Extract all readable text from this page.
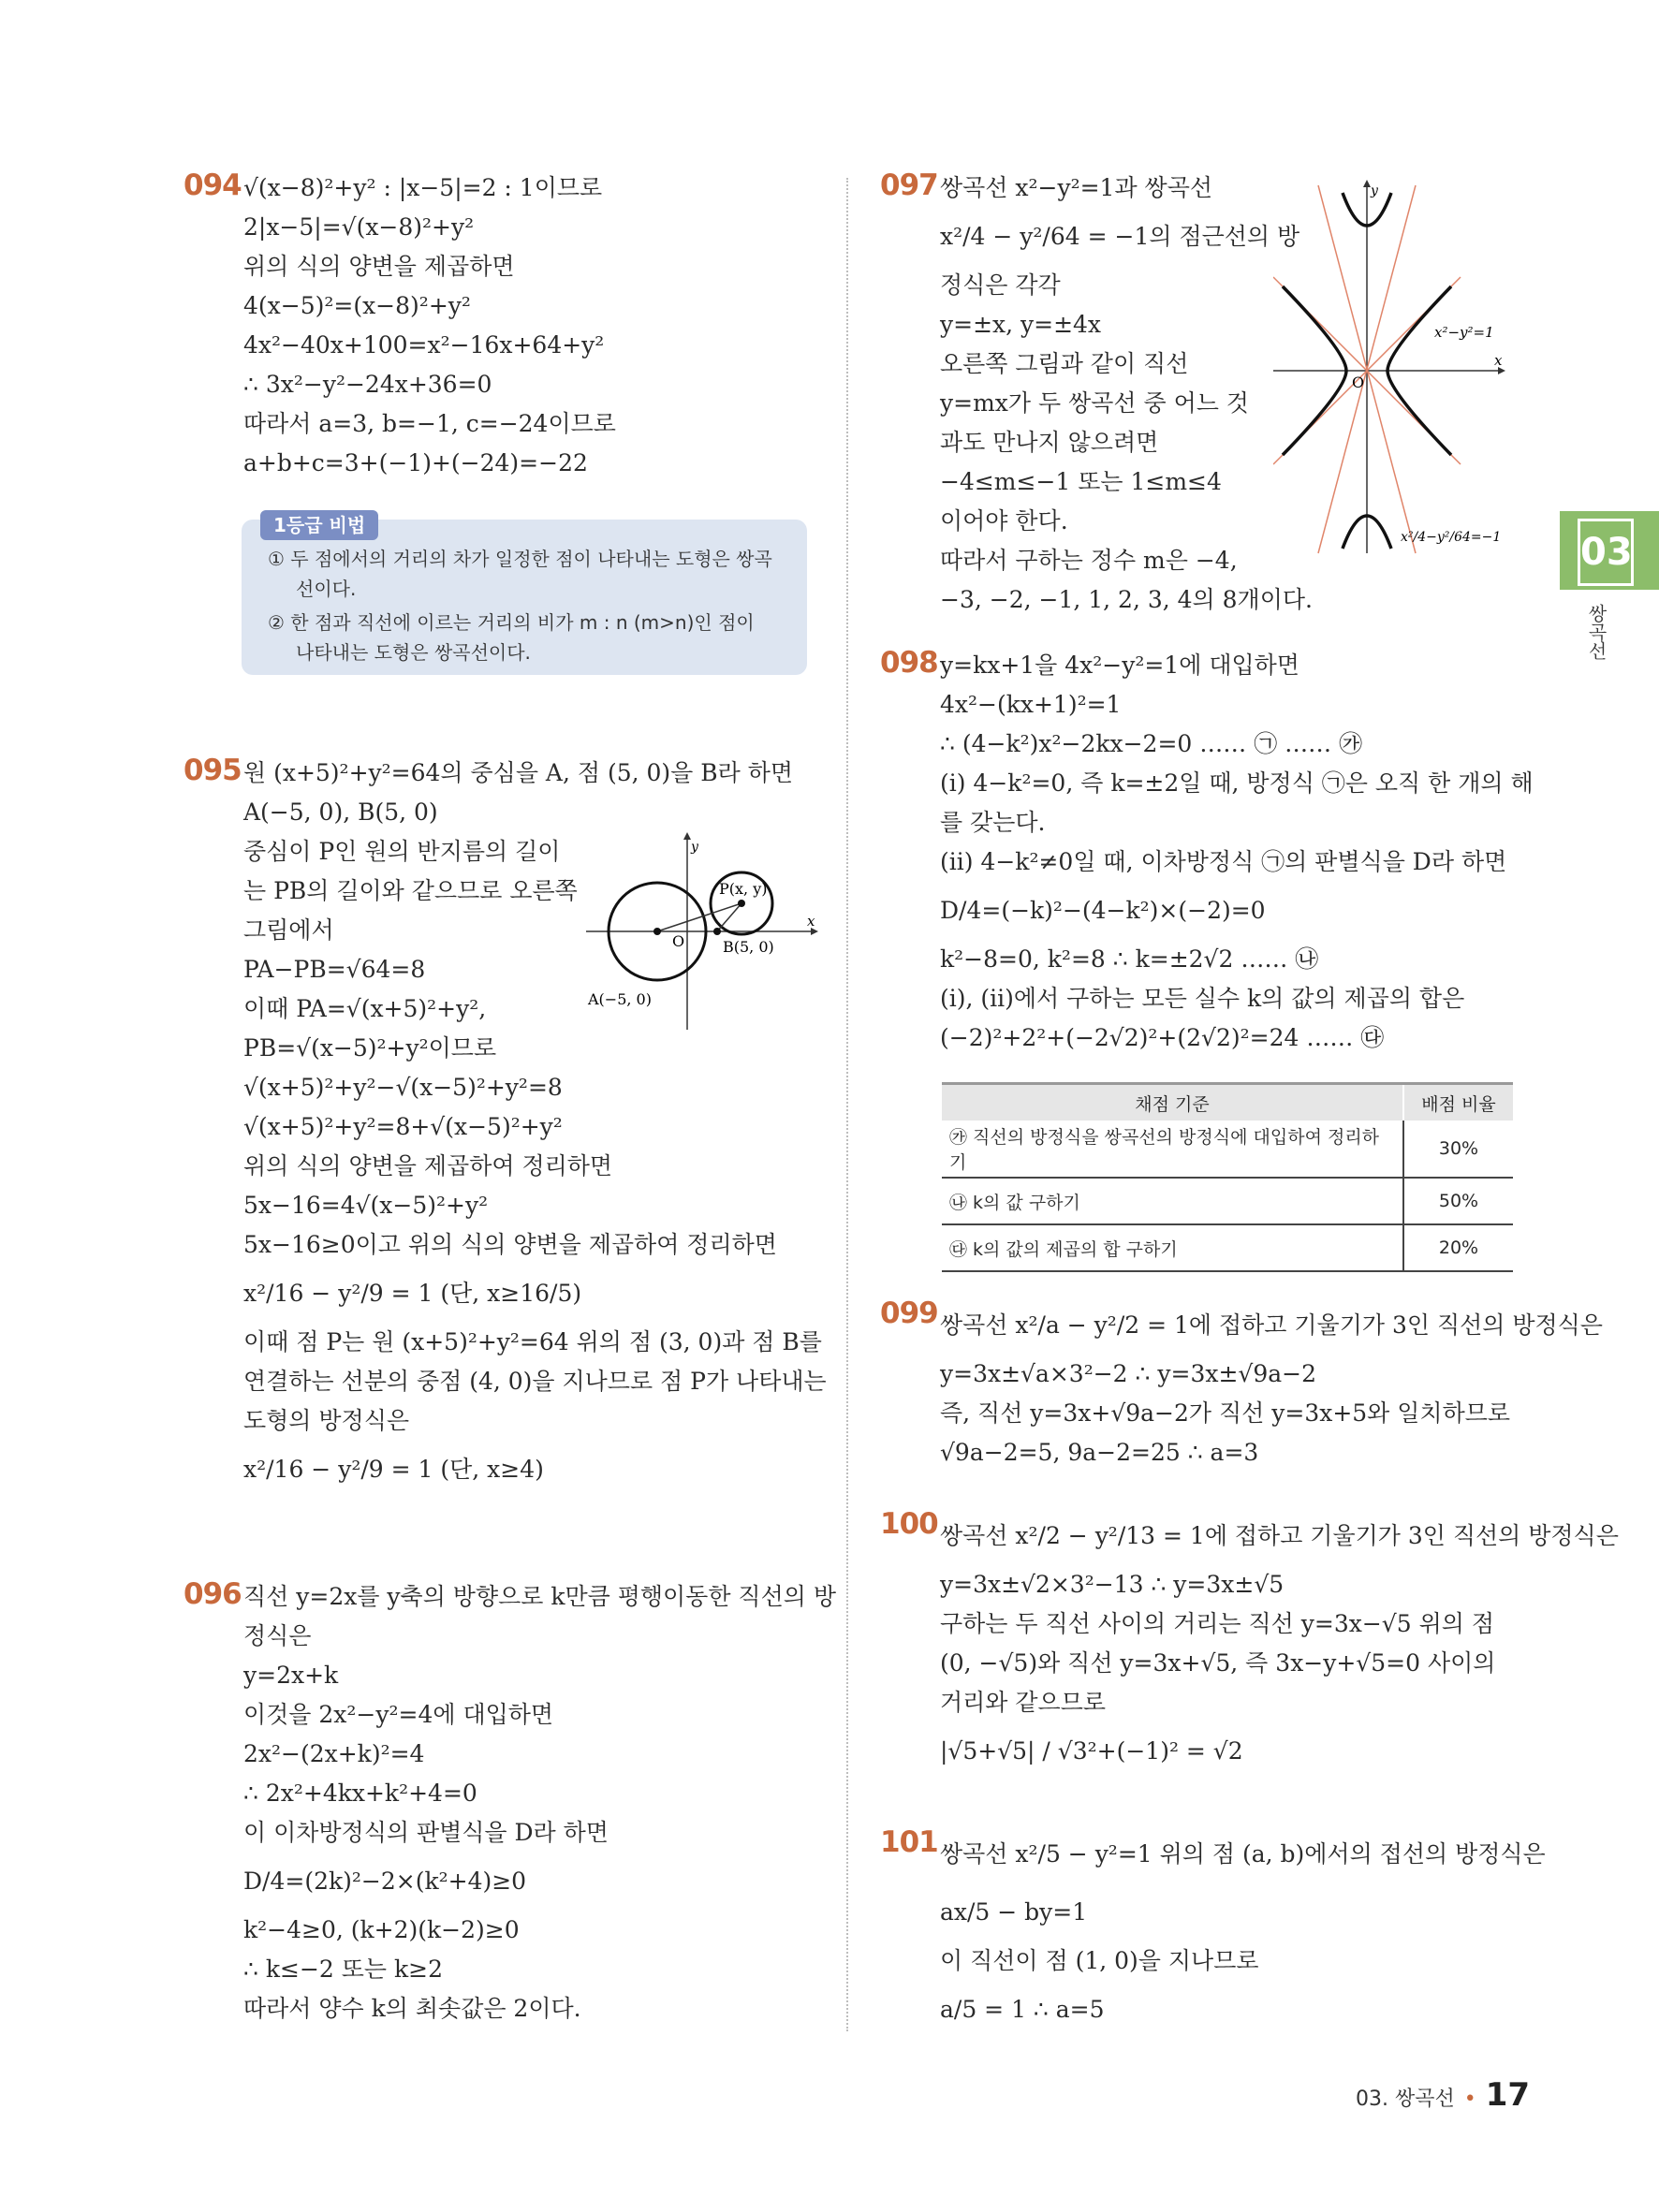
094 √(x−8)²+y² : |x−5|=2 : 1이므로
2|x−5|=√(x−8)²+y²
위의 식의 양변을 제곱하면
4(x−5)²=(x−8)²+y²
4x²−40x+100=x²−16x+64+y²
∴ 3x²−y²−24x+36=0
따라서 a=3, b=−1, c=−24이므로
a+b+c=3+(−1)+(−24)=−22
1등급 비법
① 두 점에서의 거리의 차가 일정한 점이 나타내는 도형은 쌍곡
선이다.
② 한 점과 직선에 이르는 거리의 비가 m : n (m>n)인 점이
나타내는 도형은 쌍곡선이다.
095 원 (x+5)²+y²=64의 중심을 A, 점 (5, 0)을 B라 하면
A(−5, 0), B(5, 0)
중심이 P인 원의 반지름의 길이
는 PB의 길이와 같으므로 오른쪽
그림에서
PA−PB=√64=8
이때 PA=√(x+5)²+y²,
PB=√(x−5)²+y²이므로
√(x+5)²+y²−√(x−5)²+y²=8
√(x+5)²+y²=8+√(x−5)²+y²
위의 식의 양변을 제곱하여 정리하면
5x−16=4√(x−5)²+y²
5x−16≥0이고 위의 식의 양변을 제곱하여 정리하면
x²/16 − y²/9 = 1 (단, x≥16/5)
이때 점 P는 원 (x+5)²+y²=64 위의 점 (3, 0)과 점 B를
연결하는 선분의 중점 (4, 0)을 지나므로 점 P가 나타내는
도형의 방정식은
x²/16 − y²/9 = 1 (단, x≥4)
y
x
O
P(x, y)
B(5, 0)
A(−5, 0)
096 직선 y=2x를 y축의 방향으로 k만큼 평행이동한 직선의 방
정식은
y=2x+k
이것을 2x²−y²=4에 대입하면
2x²−(2x+k)²=4
∴ 2x²+4kx+k²+4=0
이 이차방정식의 판별식을 D라 하면
D/4=(2k)²−2×(k²+4)≥0
k²−4≥0, (k+2)(k−2)≥0
∴ k≤−2 또는 k≥2
따라서 양수 k의 최솟값은 2이다.
097 쌍곡선 x²−y²=1과 쌍곡선
x²/4 − y²/64 = −1의 점근선의 방
정식은 각각
y=±x, y=±4x
오른쪽 그림과 같이 직선
y=mx가 두 쌍곡선 중 어느 것
과도 만나지 않으려면
−4≤m≤−1 또는 1≤m≤4
이어야 한다.
따라서 구하는 정수 m은 −4,
−3, −2, −1, 1, 2, 3, 4의 8개이다.
y
x
O
x²−y²=1
x²/4−y²/64=−1
098 y=kx+1을 4x²−y²=1에 대입하면
4x²−(kx+1)²=1
∴ (4−k²)x²−2kx−2=0 …… ㉠ …… ㉮
(ⅰ) 4−k²=0, 즉 k=±2일 때, 방정식 ㉠은 오직 한 개의 해
를 갖는다.
(ⅱ) 4−k²≠0일 때, 이차방정식 ㉠의 판별식을 D라 하면
D/4=(−k)²−(4−k²)×(−2)=0
k²−8=0, k²=8 ∴ k=±2√2 …… ㉯
(ⅰ), (ⅱ)에서 구하는 모든 실수 k의 값의 제곱의 합은
(−2)²+2²+(−2√2)²+(2√2)²=24 …… ㉰
채점 기준	배점 비율
㉮ 직선의 방정식을 쌍곡선의 방정식에 대입하여 정리하기	30%
㉯ k의 값 구하기	50%
㉰ k의 값의 제곱의 합 구하기	20%
099 쌍곡선 x²/a − y²/2 = 1에 접하고 기울기가 3인 직선의 방정식은
y=3x±√a×3²−2 ∴ y=3x±√9a−2
즉, 직선 y=3x+√9a−2가 직선 y=3x+5와 일치하므로
√9a−2=5, 9a−2=25 ∴ a=3
100 쌍곡선 x²/2 − y²/13 = 1에 접하고 기울기가 3인 직선의 방정식은
y=3x±√2×3²−13 ∴ y=3x±√5
구하는 두 직선 사이의 거리는 직선 y=3x−√5 위의 점
(0, −√5)와 직선 y=3x+√5, 즉 3x−y+√5=0 사이의
거리와 같으므로
|√5+√5| / √3²+(−1)² = √2
101 쌍곡선 x²/5 − y²=1 위의 점 (a, b)에서의 접선의 방정식은
ax/5 − by=1
이 직선이 점 (1, 0)을 지나므로
a/5 = 1 ∴ a=5
03
쌍곡선
03. 쌍곡선 • 17
